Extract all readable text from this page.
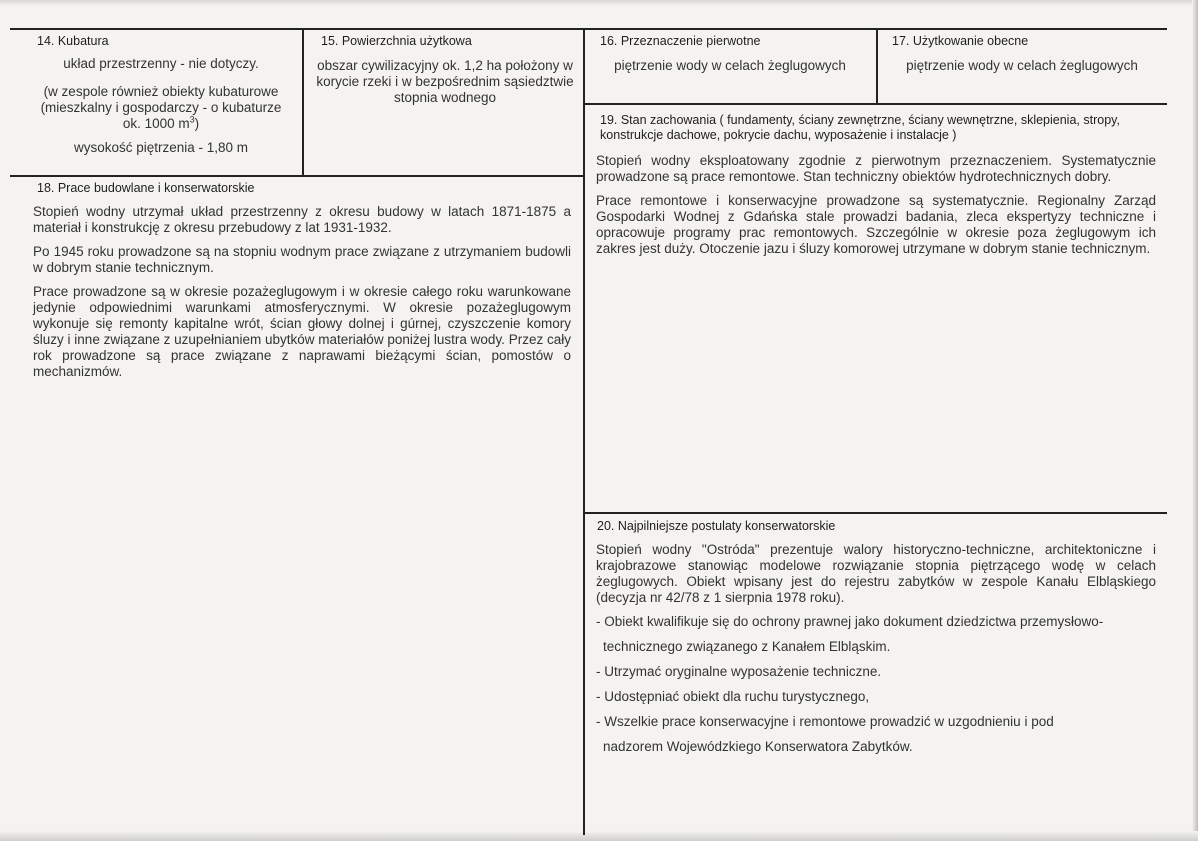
14. Kubatura
układ przestrzenny - nie dotyczy.
(w zespole również obiekty kubaturowe (mieszkalny i gospodarczy - o kubaturze ok. 1000 $m^3$)
wysokość piętrzenia - 1,80 m
15. Powierzchnia użytkowa
obszar cywilizacyjny ok. 1,2 ha położony w korycie rzeki i w bezpośrednim sąsiedztwie stopnia wodnego
16. Przeznaczenie pierwotne
piętrzenie wody w celach żeglugowych
17. Użytkowanie obecne
piętrzenie wody w celach żeglugowych
18. Prace budowlane i konserwatorskie

Stopień wodny utrzymał układ przestrzenny z okresu budowy w latach 1871-1875 a materiał i konstrukcję z okresu przebudowy z lat 1931-1932.

Po 1945 roku prowadzone są na stopniu wodnym prace związane z utrzymaniem budowli w dobrym stanie technicznym.

Prace prowadzone są w okresie pozażeglugowym i w okresie całego roku warunkowane jedynie odpowiednimi warunkami atmosferycznymi. W okresie pozażeglugowym wykonuje się remonty kapitalne wrót, ścian głowy dolnej i gúrnej, czyszczenie komory śluzy i inne związane z uzupełnianiem ubytków materiałów poniżej lustra wody. Przez cały rok prowadzone są prace związane z naprawami bieżącymi ścian, pomostów o mechanizmów.

19. Stan zachowania ( fundamenty, ściany zewnętrzne, ściany wewnętrzne, sklepienia, stropy, konstrukcje dachowe, pokrycie dachu, wyposażenie i instalacje )

Stopień wodny eksploatowany zgodnie z pierwotnym przeznaczeniem. Systematycznie prowadzone są prace remontowe. Stan techniczny obiektów hydrotechnicznych dobry.

Prace remontowe i konserwacyjne prowadzone są systematycznie. Regionalny Zarząd Gospodarki Wodnej z Gdańska stale prowadzi badania, zleca ekspertyzy techniczne i opracowuje programy prac remontowych. Szczególnie w okresie poza żeglugowym ich zakres jest duży. Otoczenie jazu i śluzy komorowej utrzymane w dobrym stanie technicznym.

20. Najpilniejsze postulaty konserwatorskie
Stopień wodny "Ostróda" prezentuje walory historyczno-techniczne, architektoniczne i krajobrazowe stanowiąc modelowe rozwiązanie stopnia piętrzącego wodę w celach żeglugowych. Obiekt wpisany jest do rejestru zabytków w zespole Kanału Elbląskiego (decyzja nr 42/78 z 1 sierpnia 1978 roku).
- Obiekt kwalifikuje się do ochrony prawnej jako dokument dziedzictwa przemysłowo-
technicznego związanego z Kanałem Elbląskim.
- Utrzymać oryginalne wyposażenie techniczne.
- Udostępniać obiekt dla ruchu turystycznego,
- Wszelkie prace konserwacyjne i remontowe prowadzić w uzgodnieniu i pod
nadzorem Wojewódzkiego Konserwatora Zabytków.
